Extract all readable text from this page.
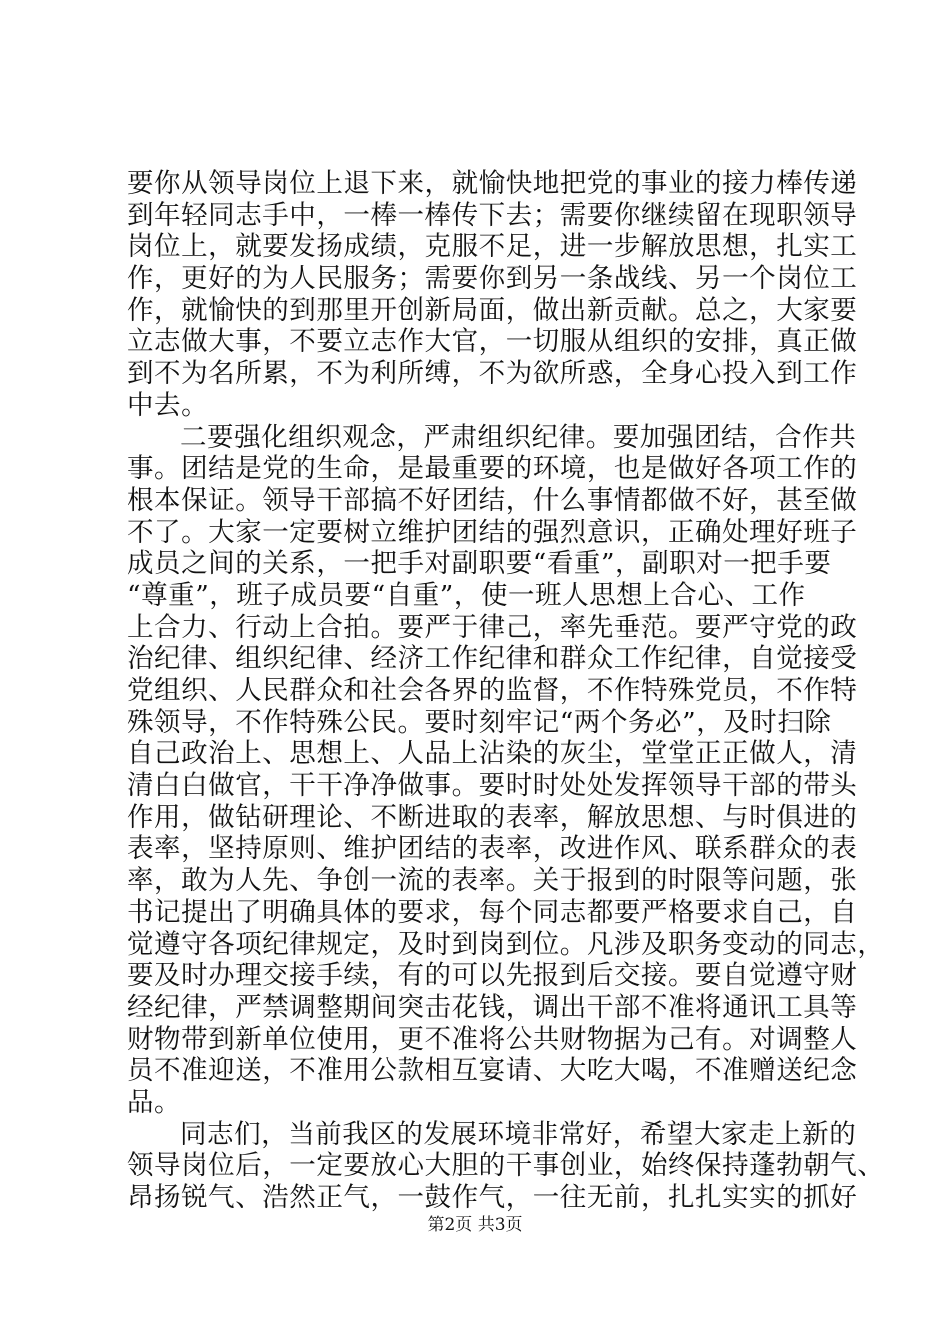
要你从领导岗位上退下来，就愉快地把党的事业的接力棒传递
到年轻同志手中，一棒一棒传下去；需要你继续留在现职领导
岗位上，就要发扬成绩，克服不足，进一步解放思想，扎实工
作，更好的为人民服务；需要你到另一条战线、另一个岗位工
作，就愉快的到那里开创新局面，做出新贡献。总之，大家要
立志做大事，不要立志作大官，一切服从组织的安排，真正做
到不为名所累，不为利所缚，不为欲所惑，全身心投入到工作
中去。
二要强化组织观念，严肃组织纪律。要加强团结，合作共
事。团结是党的生命，是最重要的环境，也是做好各项工作的
根本保证。领导干部搞不好团结，什么事情都做不好，甚至做
不了。大家一定要树立维护团结的强烈意识，正确处理好班子
成员之间的关系，一把手对副职要“看重”，副职对一把手要
“尊重”，班子成员要“自重”，使一班人思想上合心、工作
上合力、行动上合拍。要严于律己，率先垂范。要严守党的政
治纪律、组织纪律、经济工作纪律和群众工作纪律，自觉接受
党组织、人民群众和社会各界的监督，不作特殊党员，不作特
殊领导，不作特殊公民。要时刻牢记“两个务必”，及时扫除
自己政治上、思想上、人品上沾染的灰尘，堂堂正正做人，清
清白白做官，干干净净做事。要时时处处发挥领导干部的带头
作用，做钻研理论、不断进取的表率，解放思想、与时俱进的
表率，坚持原则、维护团结的表率，改进作风、联系群众的表
率，敢为人先、争创一流的表率。关于报到的时限等问题，张
书记提出了明确具体的要求，每个同志都要严格要求自己，自
觉遵守各项纪律规定，及时到岗到位。凡涉及职务变动的同志，
要及时办理交接手续，有的可以先报到后交接。要自觉遵守财
经纪律，严禁调整期间突击花钱，调出干部不准将通讯工具等
财物带到新单位使用，更不准将公共财物据为己有。对调整人
员不准迎送，不准用公款相互宴请、大吃大喝，不准赠送纪念
品。
同志们，当前我区的发展环境非常好，希望大家走上新的
领导岗位后，一定要放心大胆的干事创业，始终保持蓬勃朝气、
昂扬锐气、浩然正气，一鼓作气，一往无前，扎扎实实的抓好
第2页 共3页
